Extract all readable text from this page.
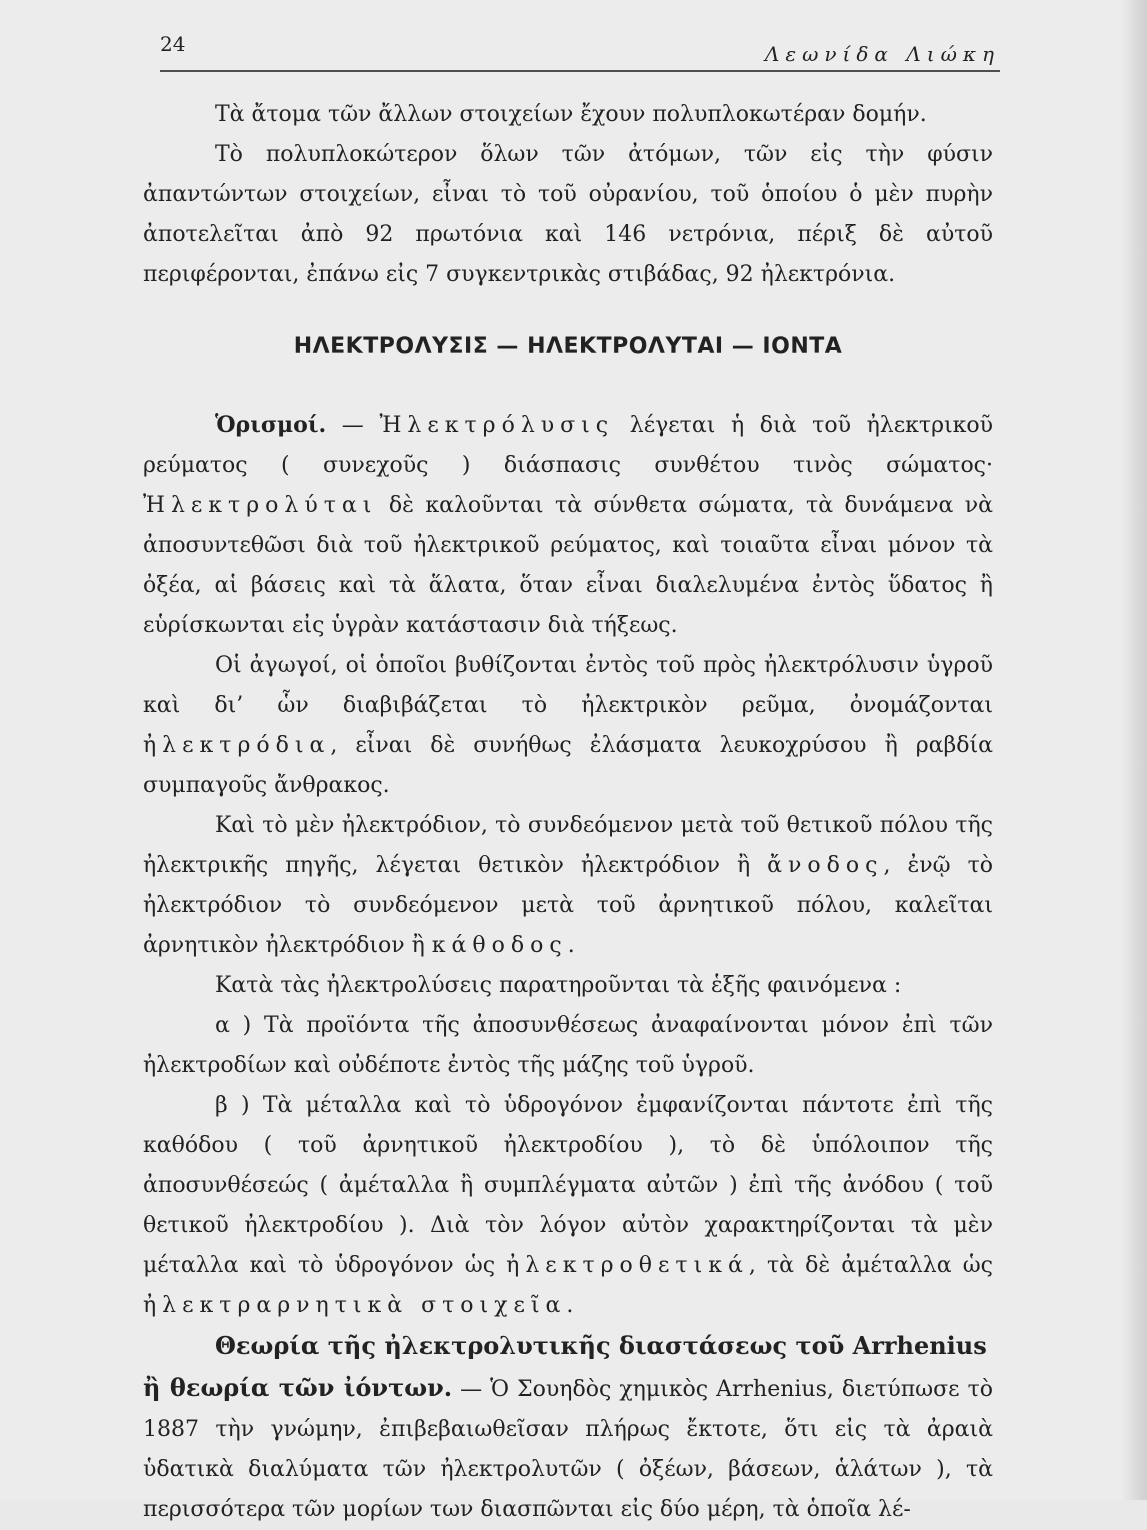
24	Λεωνίδα Λιώκη

Τὰ ἄτομα τῶν ἄλλων στοιχείων ἔχουν πολυπλοκωτέραν δομήν.

Τὸ πολυπλοκώτερον ὅλων τῶν ἀτόμων, τῶν εἰς τὴν φύσιν ἀπαντώντων στοιχείων, εἶναι τὸ τοῦ οὐρανίου, τοῦ ὁποίου ὁ μὲν πυρὴν ἀποτελεῖται ἀπὸ 92 πρωτόνια καὶ 146 νετρόνια, πέριξ δὲ αὐτοῦ περιφέρονται, ἐπάνω εἰς 7 συγκεντρικὰς στιβάδας, 92 ἠλεκτρόνια.

ΗΛΕΚΤΡΟΛΥΣΙΣ — ΗΛΕΚΤΡΟΛΥΤΑΙ — ΙΟΝΤΑ

Ὁρισμοί. — Ἠλεκτρόλυσις λέγεται ἡ διὰ τοῦ ἠλεκτρικοῦ ρεύματος ( συνεχοῦς ) διάσπασις συνθέτου τινὸς σώματος· Ἠλεκτρολύται δὲ καλοῦνται τὰ σύνθετα σώματα, τὰ δυνάμενα νὰ ἀποσυντεθῶσι διὰ τοῦ ἠλεκτρικοῦ ρεύματος, καὶ τοιαῦτα εἶναι μόνον τὰ ὀξέα, αἱ βάσεις καὶ τὰ ἅλατα, ὅταν εἶναι διαλελυμένα ἐντὸς ὕδατος ἢ εὑρίσκωνται εἰς ὑγρὰν κατάστασιν διὰ τήξεως.

Οἱ ἀγωγοί, οἱ ὁποῖοι βυθίζονται ἐντὸς τοῦ πρὸς ἠλεκτρόλυσιν ὑγροῦ καὶ δι’ ὧν διαβιβάζεται τὸ ἠλεκτρικὸν ρεῦμα, ὀνομάζονται ἠλεκτρόδια, εἶναι δὲ συνήθως ἐλάσματα λευκοχρύσου ἢ ραβδία συμπαγοῦς ἄνθρακος.

Καὶ τὸ μὲν ἠλεκτρόδιον, τὸ συνδεόμενον μετὰ τοῦ θετικοῦ πόλου τῆς ἠλεκτρικῆς πηγῆς, λέγεται θετικὸν ἠλεκτρόδιον ἢ ἄνοδος, ἐνῷ τὸ ἠλεκτρόδιον τὸ συνδεόμενον μετὰ τοῦ ἀρνητικοῦ πόλου, καλεῖται ἀρνητικὸν ἠλεκτρόδιον ἢ κάθοδος.

Κατὰ τὰς ἠλεκτρολύσεις παρατηροῦνται τὰ ἑξῆς φαινόμενα :

α ) Τὰ προϊόντα τῆς ἀποσυνθέσεως ἀναφαίνονται μόνον ἐπὶ τῶν ἠλεκτροδίων καὶ οὐδέποτε ἐντὸς τῆς μάζης τοῦ ὑγροῦ.

β ) Τὰ μέταλλα καὶ τὸ ὑδρογόνον ἐμφανίζονται πάντοτε ἐπὶ τῆς καθόδου ( τοῦ ἀρνητικοῦ ἠλεκτροδίου ), τὸ δὲ ὑπόλοιπον τῆς ἀποσυνθέσεώς ( ἀμέταλλα ἢ συμπλέγματα αὐτῶν ) ἐπὶ τῆς ἀνόδου ( τοῦ θετικοῦ ἠλεκτροδίου ). Διὰ τὸν λόγον αὐτὸν χαρακτηρίζονται τὰ μὲν μέταλλα καὶ τὸ ὑδρογόνον ὡς ἠλεκτροθετικά, τὰ δὲ ἀμέταλλα ὡς ἠλεκτραρνητικὰ στοιχεῖα.

Θεωρία τῆς ἠλεκτρολυτικῆς διαστάσεως τοῦ Arrhenius
ἢ θεωρία τῶν ἰόντων. — Ὁ Σουηδὸς χημικὸς Arrhenius, διετύπωσε τὸ 1887 τὴν γνώμην, ἐπιβεβαιωθεῖσαν πλήρως ἔκτοτε, ὅτι εἰς τὰ ἀραιὰ ὑδατικὰ διαλύματα τῶν ἠλεκτρολυτῶν ( ὀξέων, βάσεων, ἁλάτων ), τὰ περισσότερα τῶν μορίων των διασπῶνται εἰς δύο μέρη, τὰ ὁποῖα λέ-
